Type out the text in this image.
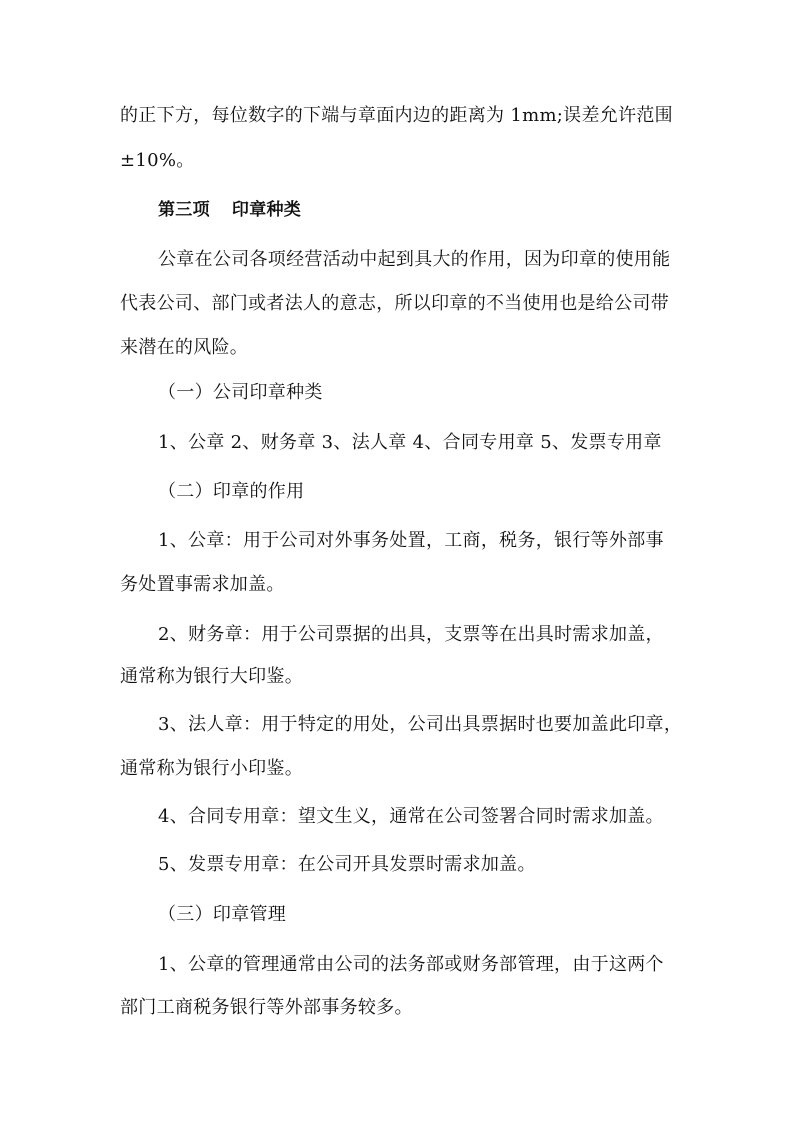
的正下方，每位数字的下端与章面内边的距离为 1mm;误差允许范围
±10%。
第三项 印章种类
公章在公司各项经营活动中起到具大的作用，因为印章的使用能
代表公司、部门或者法人的意志，所以印章的不当使用也是给公司带
来潜在的风险。
（一）公司印章种类
1、公章 2、财务章 3、法人章 4、合同专用章 5、发票专用章
（二）印章的作用
1、公章：用于公司对外事务处置，工商，税务，银行等外部事
务处置事需求加盖。
2、财务章：用于公司票据的出具，支票等在出具时需求加盖，
通常称为银行大印鉴。
3、法人章：用于特定的用处，公司出具票据时也要加盖此印章，
通常称为银行小印鉴。
4、合同专用章：望文生义，通常在公司签署合同时需求加盖。
5、发票专用章：在公司开具发票时需求加盖。
（三）印章管理
1、公章的管理通常由公司的法务部或财务部管理，由于这两个
部门工商税务银行等外部事务较多。
